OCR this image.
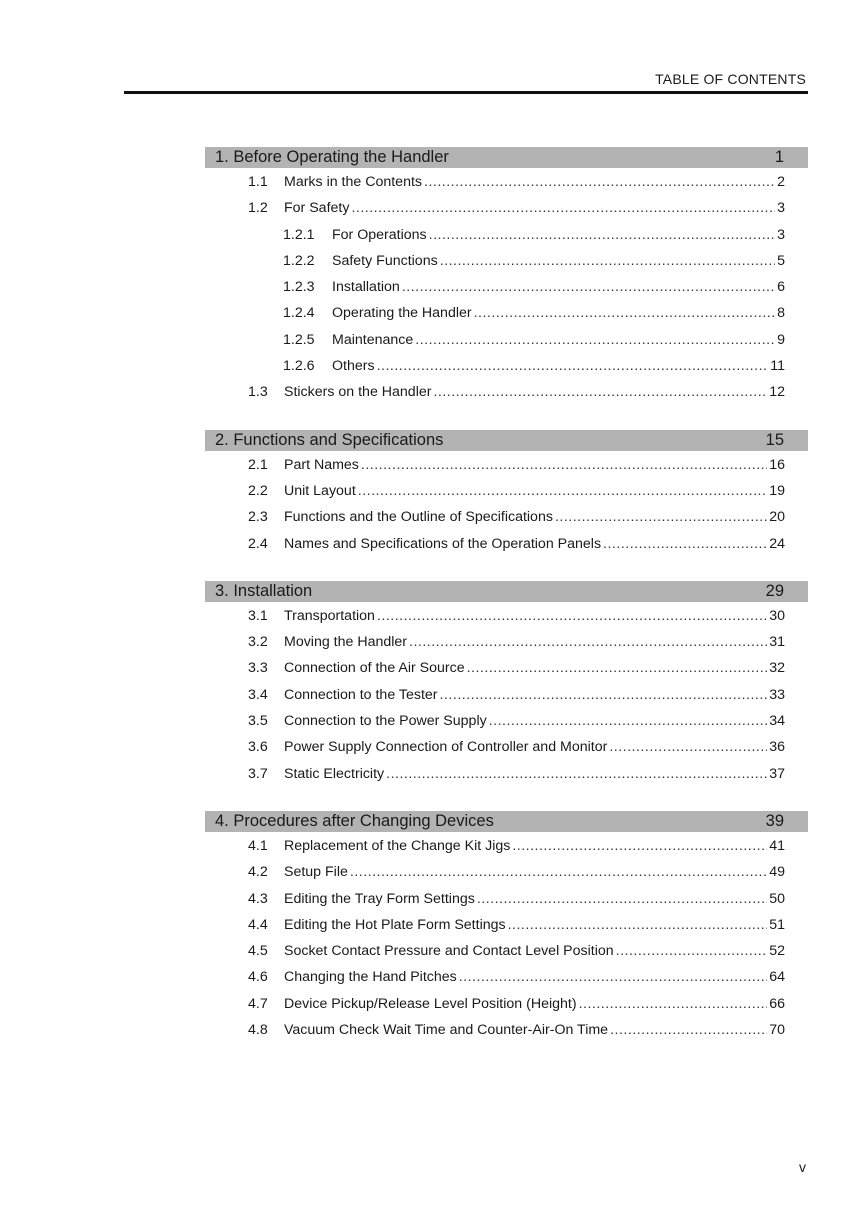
TABLE OF CONTENTS
1. Before Operating the Handler	1
1.1	Marks in the Contents .....	2
1.2	For Safety .....	3
1.2.1	For Operations .....	3
1.2.2	Safety Functions .....	5
1.2.3	Installation .....	6
1.2.4	Operating the Handler .....	8
1.2.5	Maintenance .....	9
1.2.6	Others .....	11
1.3	Stickers on the Handler .....	12
2. Functions and Specifications	15
2.1	Part Names .....	16
2.2	Unit Layout .....	19
2.3	Functions and the Outline of Specifications .....	20
2.4	Names and Specifications of the Operation Panels .....	24
3. Installation	29
3.1	Transportation .....	30
3.2	Moving the Handler .....	31
3.3	Connection of the Air Source .....	32
3.4	Connection to the Tester .....	33
3.5	Connection to the Power Supply .....	34
3.6	Power Supply Connection of Controller and Monitor .....	36
3.7	Static Electricity .....	37
4. Procedures after Changing Devices	39
4.1	Replacement of the Change Kit Jigs .....	41
4.2	Setup File .....	49
4.3	Editing the Tray Form Settings .....	50
4.4	Editing the Hot Plate Form Settings .....	51
4.5	Socket Contact Pressure and Contact Level Position .....	52
4.6	Changing the Hand Pitches .....	64
4.7	Device Pickup/Release Level Position (Height) .....	66
4.8	Vacuum Check Wait Time and Counter-Air-On Time .....	70
v
